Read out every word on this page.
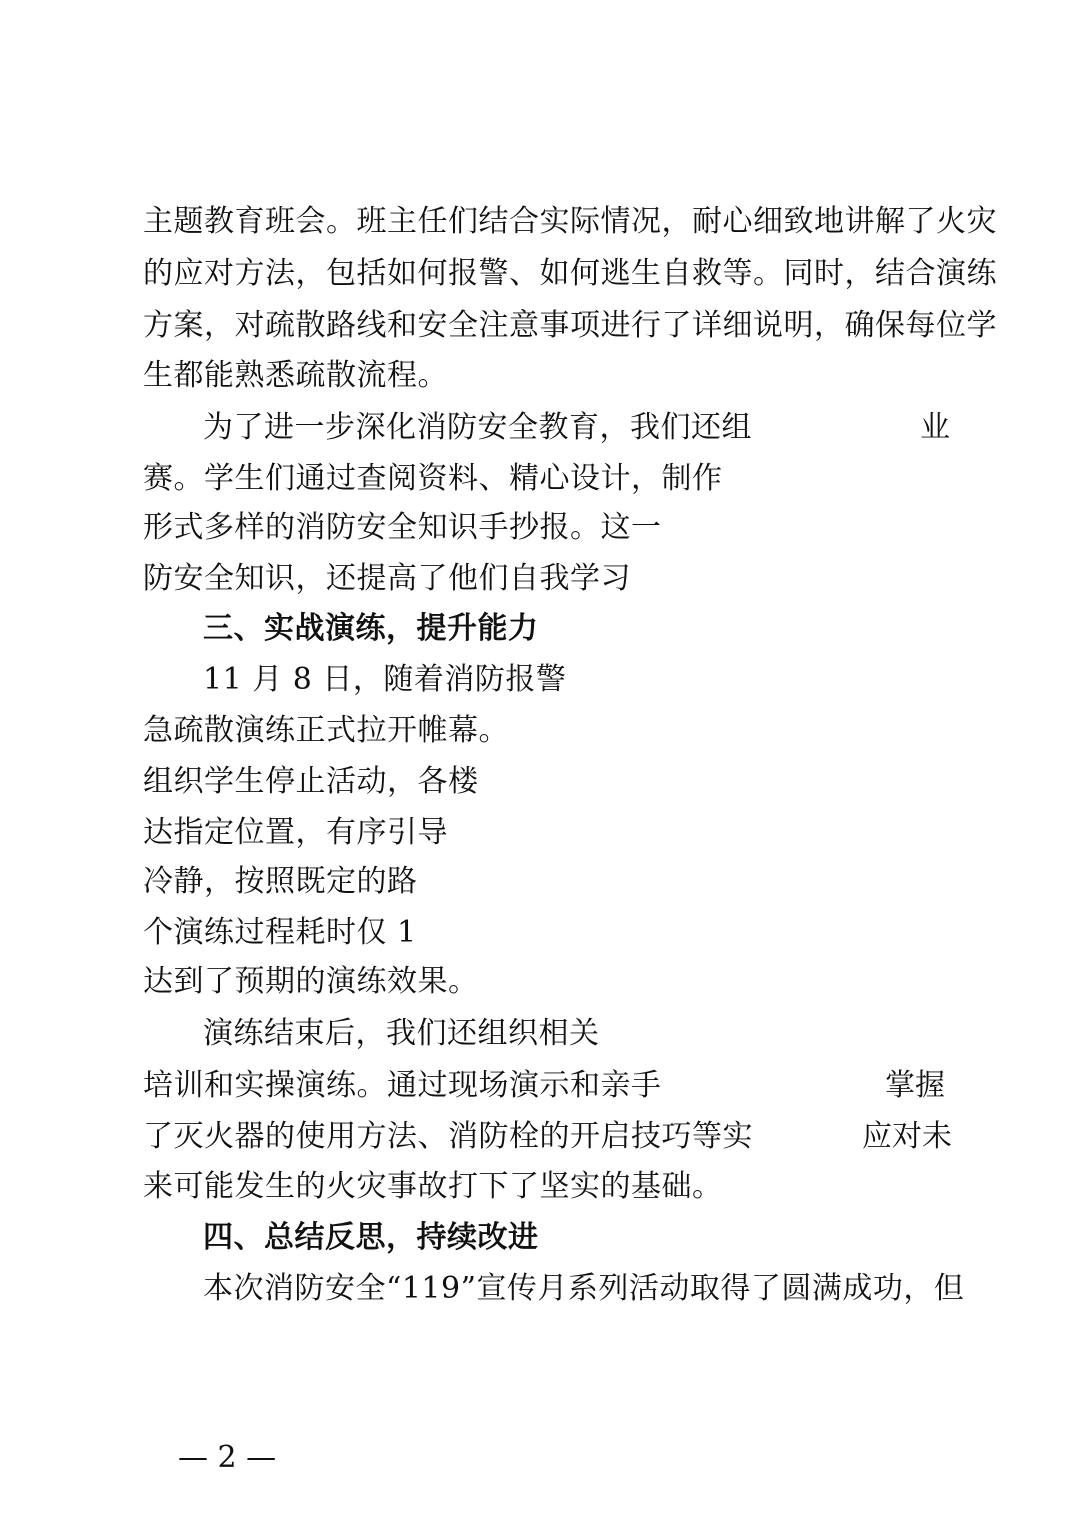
主题教育班会。班主任们结合实际情况，耐心细致地讲解了火灾
的应对方法，包括如何报警、如何逃生自救等。同时，结合演练
方案，对疏散路线和安全注意事项进行了详细说明，确保每位学
生都能熟悉疏散流程。
为了进一步深化消防安全教育，我们还组	业
赛。学生们通过查阅资料、精心设计，制作
形式多样的消防安全知识手抄报。这一
防安全知识，还提高了他们自我学习
三、实战演练，提升能力
11 月 8 日，随着消防报警
急疏散演练正式拉开帷幕。
组织学生停止活动，各楼
达指定位置，有序引导
冷静，按照既定的路
个演练过程耗时仅 1
达到了预期的演练效果。
演练结束后，我们还组织相关
培训和实操演练。通过现场演示和亲手	掌握
了灭火器的使用方法、消防栓的开启技巧等实	应对未
来可能发生的火灾事故打下了坚实的基础。
四、总结反思，持续改进
本次消防安全“119”宣传月系列活动取得了圆满成功，但
— 2 —
